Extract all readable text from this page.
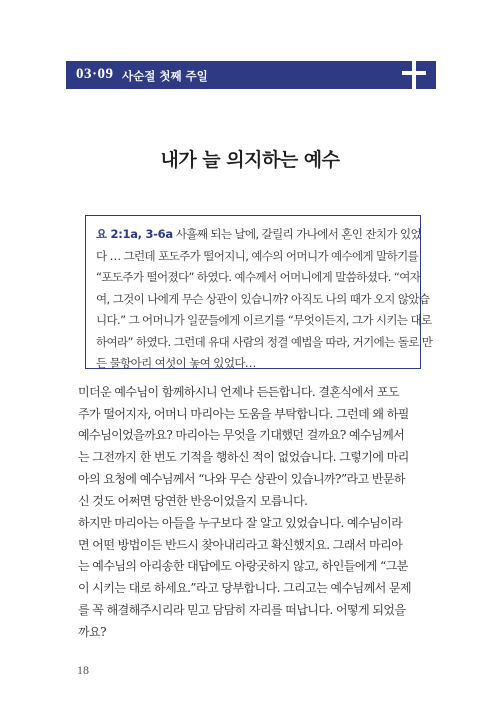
03·09 사순절 첫째 주일
내가 늘 의지하는 예수
요 2:1a, 3-6a 사흘째 되는 날에, 갈릴리 가나에서 혼인 잔치가 있었
다 … 그런데 포도주가 떨어지니, 예수의 어머니가 예수에게 말하기를
“포도주가 떨어졌다” 하였다. 예수께서 어머니에게 말씀하셨다. “여자
여, 그것이 나에게 무슨 상관이 있습니까? 아직도 나의 때가 오지 않았습
니다.” 그 어머니가 일꾼들에게 이르기를 “무엇이든지, 그가 시키는 대로
하여라” 하였다. 그런데 유대 사람의 정결 예법을 따라, 거기에는 돌로 만
든 물항아리 여섯이 놓여 있었다…
미더운 예수님이 함께하시니 언제나 든든합니다. 결혼식에서 포도
주가 떨어지자, 어머니 마리아는 도움을 부탁합니다. 그런데 왜 하필
예수님이었을까요? 마리아는 무엇을 기대했던 걸까요? 예수님께서
는 그전까지 한 번도 기적을 행하신 적이 없었습니다. 그렇기에 마리
아의 요청에 예수님께서 “나와 무슨 상관이 있습니까?”라고 반문하
신 것도 어쩌면 당연한 반응이었을지 모릅니다.
하지만 마리아는 아들을 누구보다 잘 알고 있었습니다. 예수님이라
면 어떤 방법이든 반드시 찾아내리라고 확신했지요. 그래서 마리아
는 예수님의 아리송한 대답에도 아랑곳하지 않고, 하인들에게 “그분
이 시키는 대로 하세요.”라고 당부합니다. 그리고는 예수님께서 문제
를 꼭 해결해주시리라 믿고 담담히 자리를 떠납니다. 어떻게 되었을
까요?
18
